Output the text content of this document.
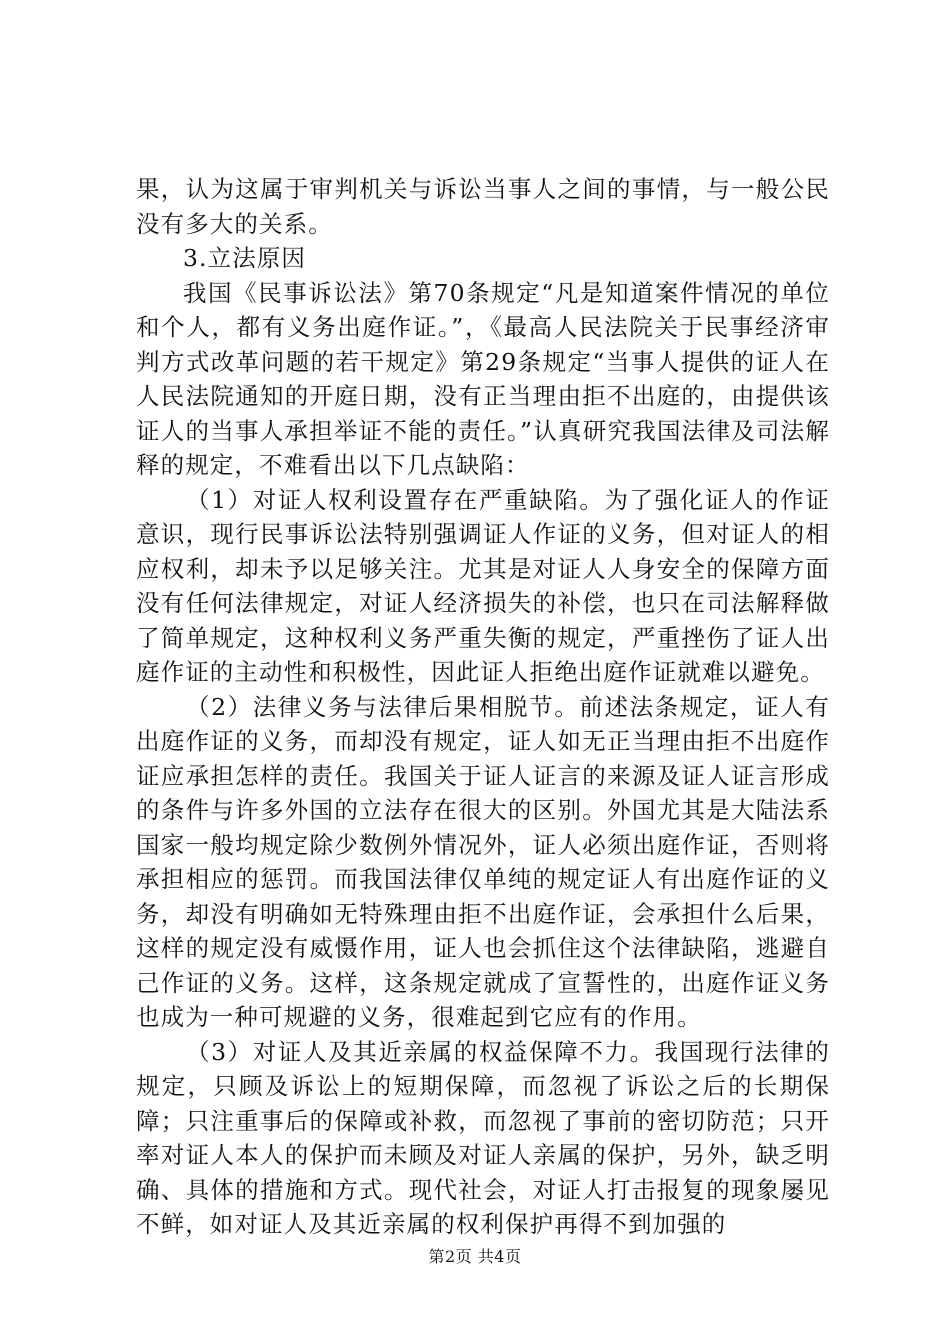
果，认为这属于审判机关与诉讼当事人之间的事情，与一般公民没有多大的关系。

3.立法原因

我国《民事诉讼法》第70条规定“凡是知道案件情况的单位和个人，都有义务出庭作证。”，《最高人民法院关于民事经济审判方式改革问题的若干规定》第29条规定“当事人提供的证人在人民法院通知的开庭日期，没有正当理由拒不出庭的，由提供该证人的当事人承担举证不能的责任。”认真研究我国法律及司法解释的规定，不难看出以下几点缺陷：

（1）对证人权利设置存在严重缺陷。为了强化证人的作证意识，现行民事诉讼法特别强调证人作证的义务，但对证人的相应权利，却未予以足够关注。尤其是对证人人身安全的保障方面没有任何法律规定，对证人经济损失的补偿，也只在司法解释做了简单规定，这种权利义务严重失衡的规定，严重挫伤了证人出庭作证的主动性和积极性，因此证人拒绝出庭作证就难以避免。

（2）法律义务与法律后果相脱节。前述法条规定，证人有出庭作证的义务，而却没有规定，证人如无正当理由拒不出庭作证应承担怎样的责任。我国关于证人证言的来源及证人证言形成的条件与许多外国的立法存在很大的区别。外国尤其是大陆法系国家一般均规定除少数例外情况外，证人必须出庭作证，否则将承担相应的惩罚。而我国法律仅单纯的规定证人有出庭作证的义务，却没有明确如无特殊理由拒不出庭作证，会承担什么后果，这样的规定没有威慑作用，证人也会抓住这个法律缺陷，逃避自己作证的义务。这样，这条规定就成了宣誓性的，出庭作证义务也成为一种可规避的义务，很难起到它应有的作用。

（3）对证人及其近亲属的权益保障不力。我国现行法律的规定，只顾及诉讼上的短期保障，而忽视了诉讼之后的长期保障；只注重事后的保障或补救，而忽视了事前的密切防范；只开率对证人本人的保护而未顾及对证人亲属的保护，另外，缺乏明确、具体的措施和方式。现代社会，对证人打击报复的现象屡见不鲜，如对证人及其近亲属的权利保护再得不到加强的

第2页 共4页
